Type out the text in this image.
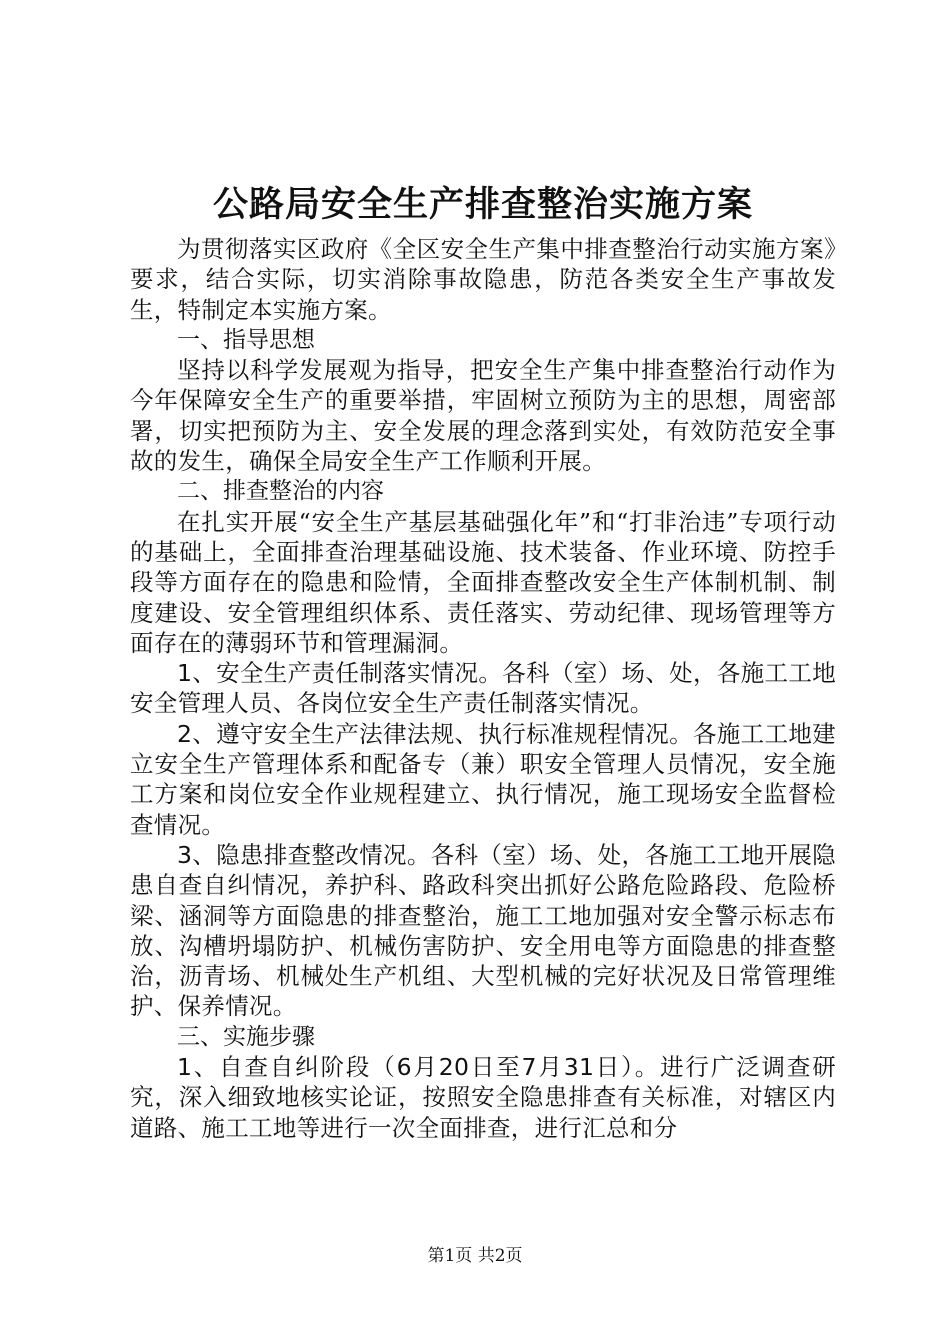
公路局安全生产排查整治实施方案

为贯彻落实区政府《全区安全生产集中排查整治行动实施方案》要求，结合实际，切实消除事故隐患，防范各类安全生产事故发生，特制定本实施方案。

一、指导思想

坚持以科学发展观为指导，把安全生产集中排查整治行动作为今年保障安全生产的重要举措，牢固树立预防为主的思想，周密部署，切实把预防为主、安全发展的理念落到实处，有效防范安全事故的发生，确保全局安全生产工作顺利开展。

二、排查整治的内容

在扎实开展“安全生产基层基础强化年”和“打非治违”专项行动的基础上，全面排查治理基础设施、技术装备、作业环境、防控手段等方面存在的隐患和险情，全面排查整改安全生产体制机制、制度建设、安全管理组织体系、责任落实、劳动纪律、现场管理等方面存在的薄弱环节和管理漏洞。

1、安全生产责任制落实情况。各科（室）场、处，各施工工地安全管理人员、各岗位安全生产责任制落实情况。

2、遵守安全生产法律法规、执行标准规程情况。各施工工地建立安全生产管理体系和配备专（兼）职安全管理人员情况，安全施工方案和岗位安全作业规程建立、执行情况，施工现场安全监督检查情况。

3、隐患排查整改情况。各科（室）场、处，各施工工地开展隐患自查自纠情况，养护科、路政科突出抓好公路危险路段、危险桥梁、涵洞等方面隐患的排查整治，施工工地加强对安全警示标志布放、沟槽坍塌防护、机械伤害防护、安全用电等方面隐患的排查整治，沥青场、机械处生产机组、大型机械的完好状况及日常管理维护、保养情况。

三、实施步骤

1、自查自纠阶段（6月20日至7月31日）。进行广泛调查研究，深入细致地核实论证，按照安全隐患排查有关标准，对辖区内道路、施工工地等进行一次全面排查，进行汇总和分

第1页 共2页
